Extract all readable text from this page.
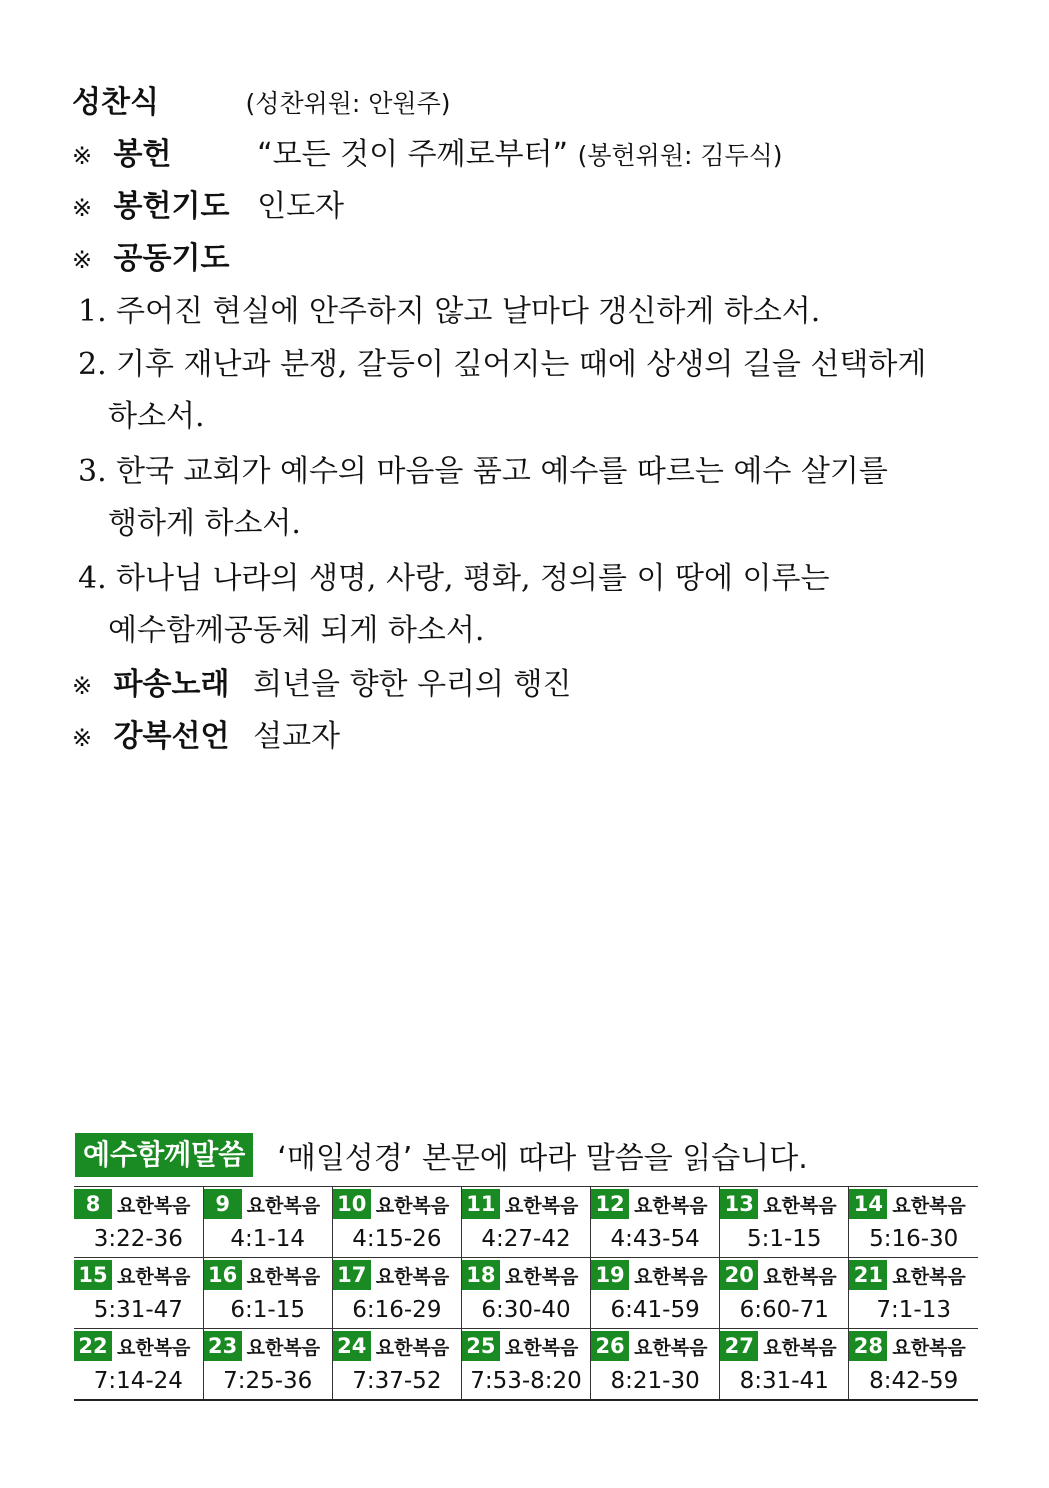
성찬식	(성찬위원: 안원주)
※ 봉헌	“모든 것이 주께로부터” (봉헌위원: 김두식)
※ 봉헌기도 인도자
※ 공동기도
1. 주어진 현실에 안주하지 않고 날마다 갱신하게 하소서.
2. 기후 재난과 분쟁, 갈등이 깊어지는 때에 상생의 길을 선택하게
하소서.
3. 한국 교회가 예수의 마음을 품고 예수를 따르는 예수 살기를
행하게 하소서.
4. 하나님 나라의 생명, 사랑, 평화, 정의를 이 땅에 이루는
예수함께공동체 되게 하소서.
※ 파송노래 희년을 향한 우리의 행진
※ 강복선언 설교자
예수함께말씀 ‘매일성경’ 본문에 따라 말씀을 읽습니다.
8 요한복음	9 요한복음	10 요한복음	11 요한복음	12 요한복음	13 요한복음	14 요한복음

3:22-36	4:1-14	4:15-26	4:27-42	4:43-54	5:1-15	5:16-30

15 요한복음	16 요한복음	17 요한복음	18 요한복음	19 요한복음	20 요한복음	21 요한복음

5:31-47	6:1-15	6:16-29	6:30-40	6:41-59	6:60-71	7:1-13

22 요한복음	23 요한복음	24 요한복음	25 요한복음	26 요한복음	27 요한복음	28 요한복음

7:14-24	7:25-36	7:37-52	7:53-8:20	8:21-30	8:31-41	8:42-59
